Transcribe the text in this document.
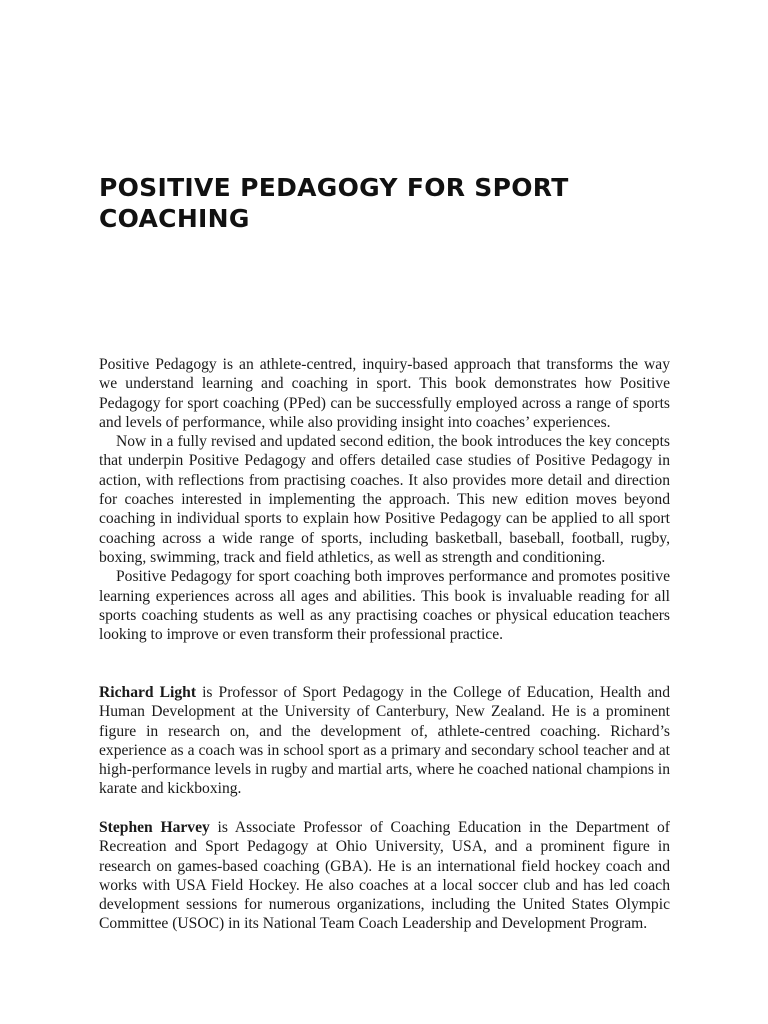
POSITIVE PEDAGOGY FOR SPORT COACHING

Positive Pedagogy is an athlete-centred, inquiry-based approach that transforms the way we understand learning and coaching in sport. This book demonstrates how Positive Pedagogy for sport coaching (PPed) can be successfully employed across a range of sports and levels of performance, while also providing insight into coaches’ experiences.

Now in a fully revised and updated second edition, the book introduces the key concepts that underpin Positive Pedagogy and offers detailed case studies of Positive Pedagogy in action, with reflections from practising coaches. It also provides more detail and direction for coaches interested in implementing the approach. This new edition moves beyond coaching in individual sports to explain how Positive Pedagogy can be applied to all sport coaching across a wide range of sports, including basketball, baseball, football, rugby, boxing, swimming, track and field athletics, as well as strength and conditioning.

Positive Pedagogy for sport coaching both improves performance and promotes positive learning experiences across all ages and abilities. This book is invaluable reading for all sports coaching students as well as any practising coaches or physical education teachers looking to improve or even transform their professional practice.

Richard Light is Professor of Sport Pedagogy in the College of Education, Health and Human Development at the University of Canterbury, New Zealand. He is a prominent figure in research on, and the development of, athlete-centred coaching. Richard’s experience as a coach was in school sport as a primary and secondary school teacher and at high-performance levels in rugby and martial arts, where he coached national champions in karate and kickboxing.

Stephen Harvey is Associate Professor of Coaching Education in the Department of Recreation and Sport Pedagogy at Ohio University, USA, and a prominent figure in research on games-based coaching (GBA). He is an international field hockey coach and works with USA Field Hockey. He also coaches at a local soccer club and has led coach development sessions for numerous organizations, including the United States Olympic Committee (USOC) in its National Team Coach Leadership and Development Program.
